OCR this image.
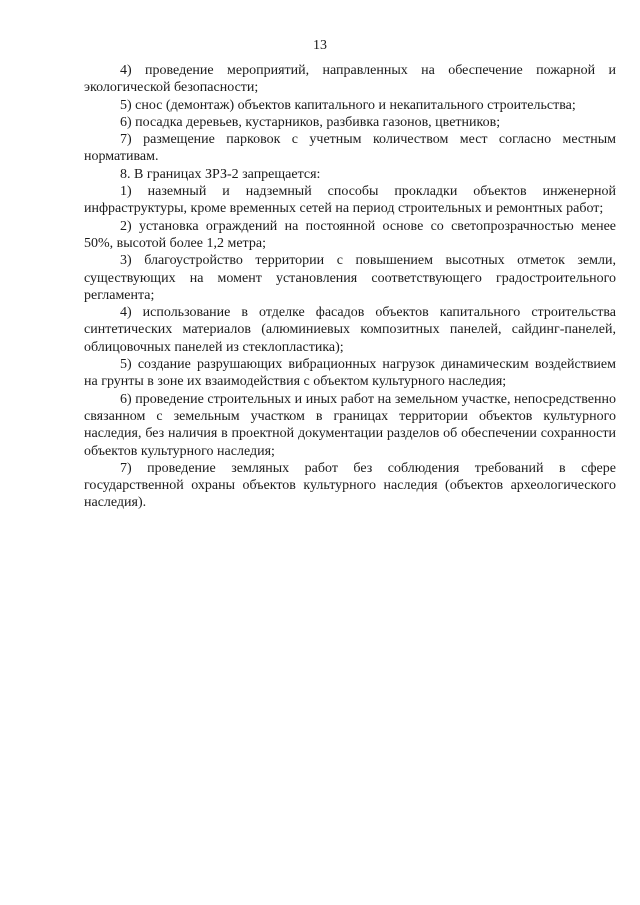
13

4) проведение мероприятий, направленных на обеспечение пожарной и экологической безопасности;

5) снос (демонтаж) объектов капитального и некапитального строительства;

6) посадка деревьев, кустарников, разбивка газонов, цветников;

7) размещение парковок с учетным количеством мест согласно местным нормативам.

8. В границах ЗРЗ-2 запрещается:

1) наземный и надземный способы прокладки объектов инженерной инфраструктуры, кроме временных сетей на период строительных и ремонтных работ;

2) установка ограждений на постоянной основе со светопрозрачностью менее 50%, высотой более 1,2 метра;

3) благоустройство территории с повышением высотных отметок земли, существующих на момент установления соответствующего градостроительного регламента;

4) использование в отделке фасадов объектов капитального строительства синтетических материалов (алюминиевых композитных панелей, сайдинг-панелей, облицовочных панелей из стеклопластика);

5) создание разрушающих вибрационных нагрузок динамическим воздействием на грунты в зоне их взаимодействия с объектом культурного наследия;

6) проведение строительных и иных работ на земельном участке, непосредственно связанном с земельным участком в границах территории объектов культурного наследия, без наличия в проектной документации разделов об обеспечении сохранности объектов культурного наследия;

7) проведение земляных работ без соблюдения требований в сфере государственной охраны объектов культурного наследия (объектов археологического наследия).
